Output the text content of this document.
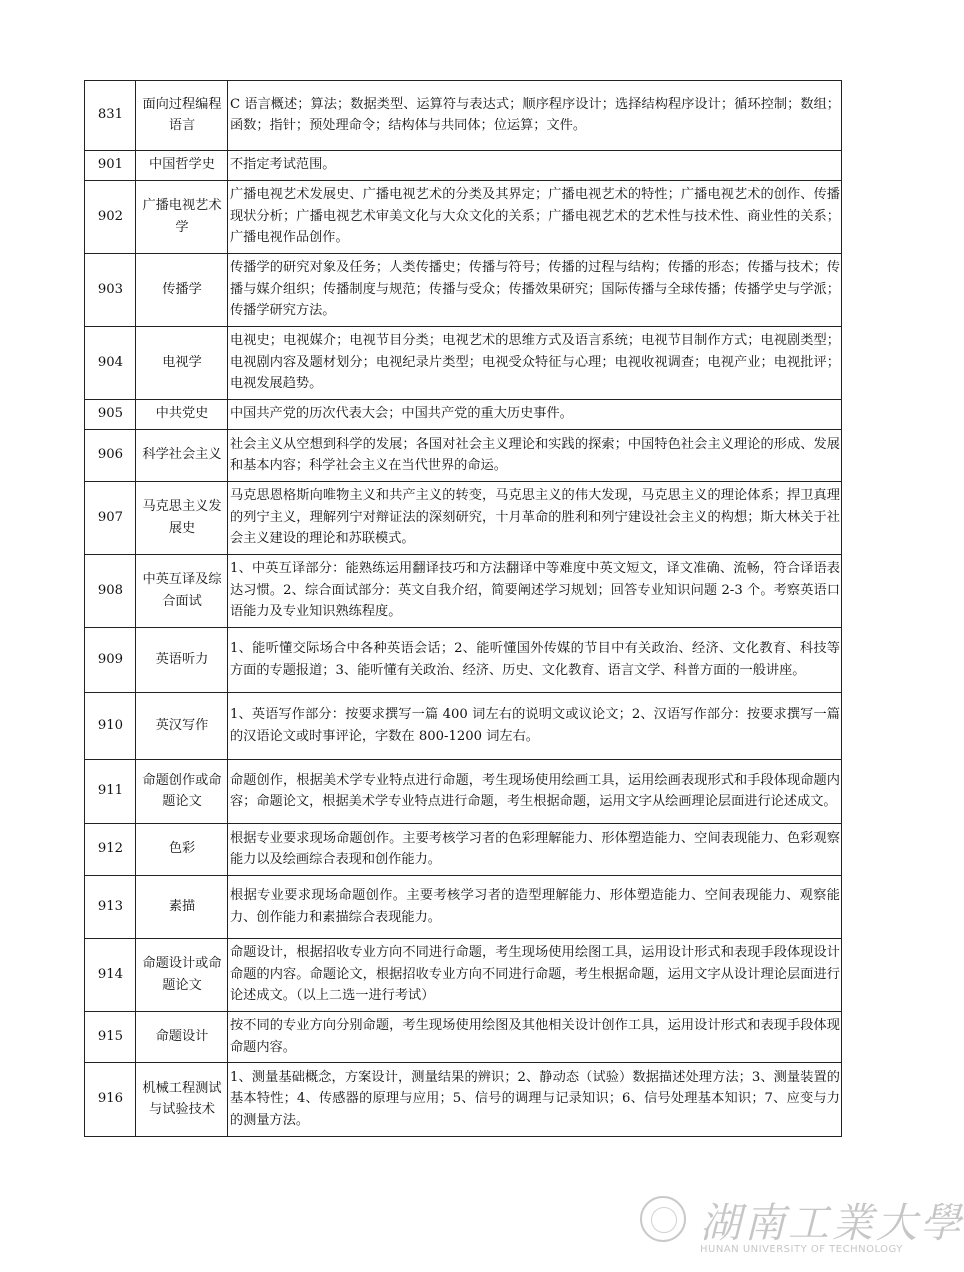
831	面向过程编程语言	C 语言概述；算法；数据类型、运算符与表达式；顺序程序设计；选择结构程序设计；循环控制；数组；函数；指针；预处理命令；结构体与共同体；位运算；文件。
901	中国哲学史	不指定考试范围。
902	广播电视艺术学	广播电视艺术发展史、广播电视艺术的分类及其界定；广播电视艺术的特性；广播电视艺术的创作、传播现状分析；广播电视艺术审美文化与大众文化的关系；广播电视艺术的艺术性与技术性、商业性的关系；广播电视作品创作。
903	传播学	传播学的研究对象及任务；人类传播史；传播与符号；传播的过程与结构；传播的形态；传播与技术；传播与媒介组织；传播制度与规范；传播与受众；传播效果研究；国际传播与全球传播；传播学史与学派；传播学研究方法。
904	电视学	电视史；电视媒介；电视节目分类；电视艺术的思维方式及语言系统；电视节目制作方式；电视剧类型；电视剧内容及题材划分；电视纪录片类型；电视受众特征与心理；电视收视调查；电视产业；电视批评；电视发展趋势。
905	中共党史	中国共产党的历次代表大会；中国共产党的重大历史事件。
906	科学社会主义	社会主义从空想到科学的发展；各国对社会主义理论和实践的探索；中国特色社会主义理论的形成、发展和基本内容；科学社会主义在当代世界的命运。
907	马克思主义发展史	马克思恩格斯向唯物主义和共产主义的转变，马克思主义的伟大发现，马克思主义的理论体系；捍卫真理的列宁主义，理解列宁对辩证法的深刻研究，十月革命的胜利和列宁建设社会主义的构想；斯大林关于社会主义建设的理论和苏联模式。
908	中英互译及综合面试	1、中英互译部分：能熟练运用翻译技巧和方法翻译中等难度中英文短文，译文准确、流畅，符合译语表达习惯。2、综合面试部分：英文自我介绍，简要阐述学习规划；回答专业知识问题 2-3 个。考察英语口语能力及专业知识熟练程度。
909	英语听力	1、能听懂交际场合中各种英语会话；2、能听懂国外传媒的节目中有关政治、经济、文化教育、科技等方面的专题报道；3、能听懂有关政治、经济、历史、文化教育、语言文学、科普方面的一般讲座。
910	英汉写作	1、英语写作部分：按要求撰写一篇 400 词左右的说明文或议论文；2、汉语写作部分：按要求撰写一篇的汉语论文或时事评论，字数在 800-1200 词左右。
911	命题创作或命题论文	命题创作，根据美术学专业特点进行命题，考生现场使用绘画工具，运用绘画表现形式和手段体现命题内容；命题论文，根据美术学专业特点进行命题，考生根据命题，运用文字从绘画理论层面进行论述成文。
912	色彩	根据专业要求现场命题创作。主要考核学习者的色彩理解能力、形体塑造能力、空间表现能力、色彩观察能力以及绘画综合表现和创作能力。
913	素描	根据专业要求现场命题创作。主要考核学习者的造型理解能力、形体塑造能力、空间表现能力、观察能力、创作能力和素描综合表现能力。
914	命题设计或命题论文	命题设计，根据招收专业方向不同进行命题，考生现场使用绘图工具，运用设计形式和表现手段体现设计命题的内容。命题论文，根据招收专业方向不同进行命题，考生根据命题，运用文字从设计理论层面进行论述成文。（以上二选一进行考试）
915	命题设计	按不同的专业方向分别命题，考生现场使用绘图及其他相关设计创作工具，运用设计形式和表现手段体现命题内容。
916	机械工程测试与试验技术	1、测量基础概念，方案设计，测量结果的辨识；2、静动态（试验）数据描述处理方法；3、测量装置的基本特性；4、传感器的原理与应用；5、信号的调理与记录知识；6、信号处理基本知识；7、应变与力的测量方法。
湖南工業大學
HUNAN UNIVERSITY OF TECHNOLOGY
